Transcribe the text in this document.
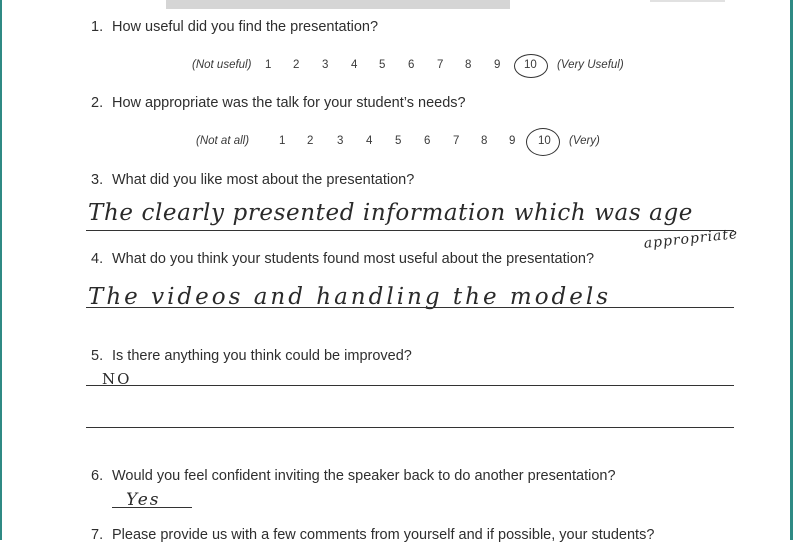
1. How useful did you find the presentation?
(Not useful) 1 2 3 4 5 6 7 8 9 10 (Very Useful)
2. How appropriate was the talk for your student’s needs?
(Not at all)	1 2 3 4 5 6 7 8 9 10 (Very)
3. What did you like most about the presentation?
The clearly presented information which was age
appropriate
4. What do you think your students found most useful about the presentation?
The videos and handling the models
5. Is there anything you think could be improved?
NO
6. Would you feel confident inviting the speaker back to do another presentation?
Yes
7. Please provide us with a few comments from yourself and if possible, your students?
